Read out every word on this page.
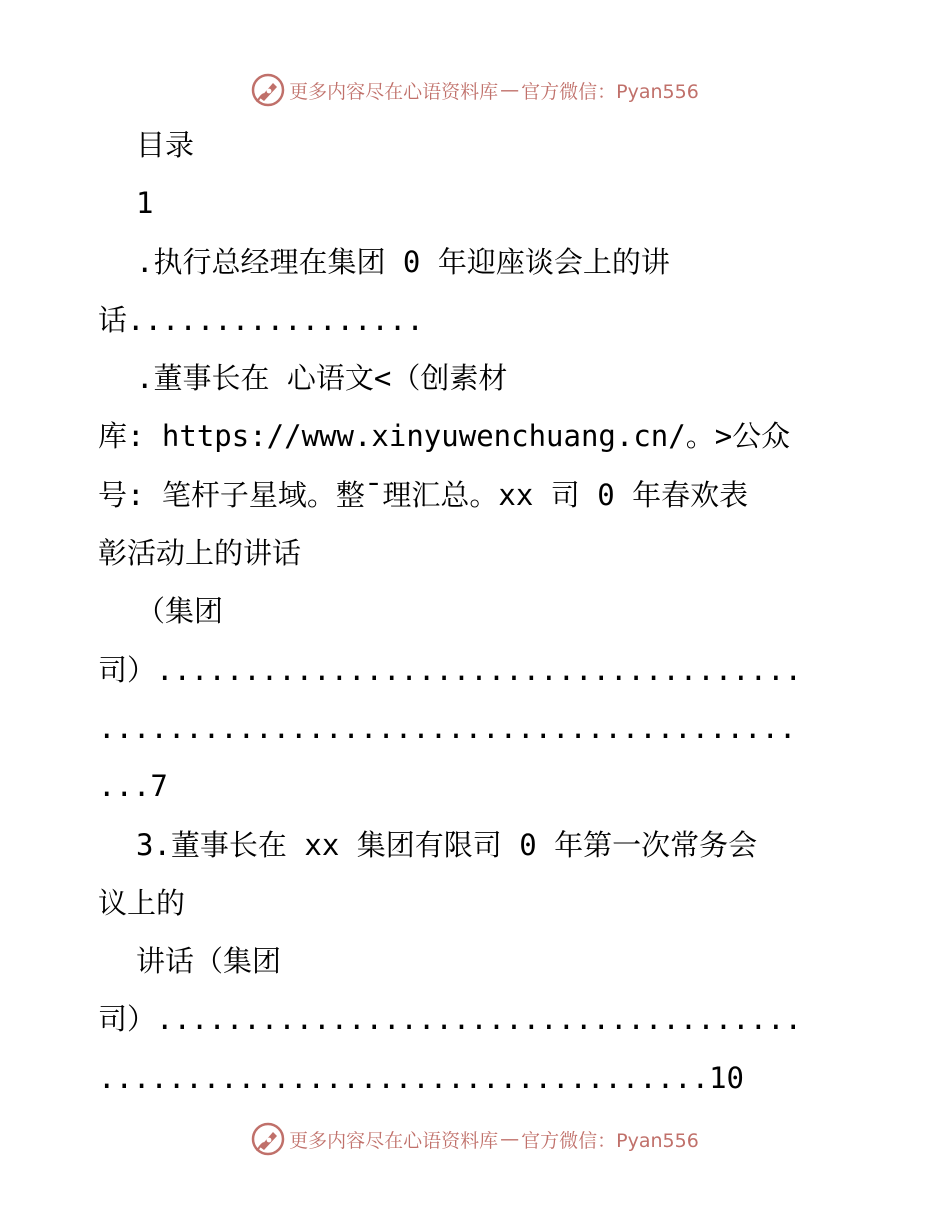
更多内容尽在心语资料库 — 官方微信：Pyan556
目录
1
.执行总经理在集团 0 年迎座谈会上的讲
话.................
.董事长在 心语文<（创素材
库: https://www.xinyuwenchuang.cn/。>公众
号: 笔杆子星域。整¯理汇总。xx 司 0 年春欢表
彰活动上的讲话
（集团
司）.....................................
........................................
...7
3.董事长在 xx 集团有限司 0 年第一次常务会
议上的
讲话（集团
司）.....................................
...................................10
更多内容尽在心语资料库 — 官方微信：Pyan556
